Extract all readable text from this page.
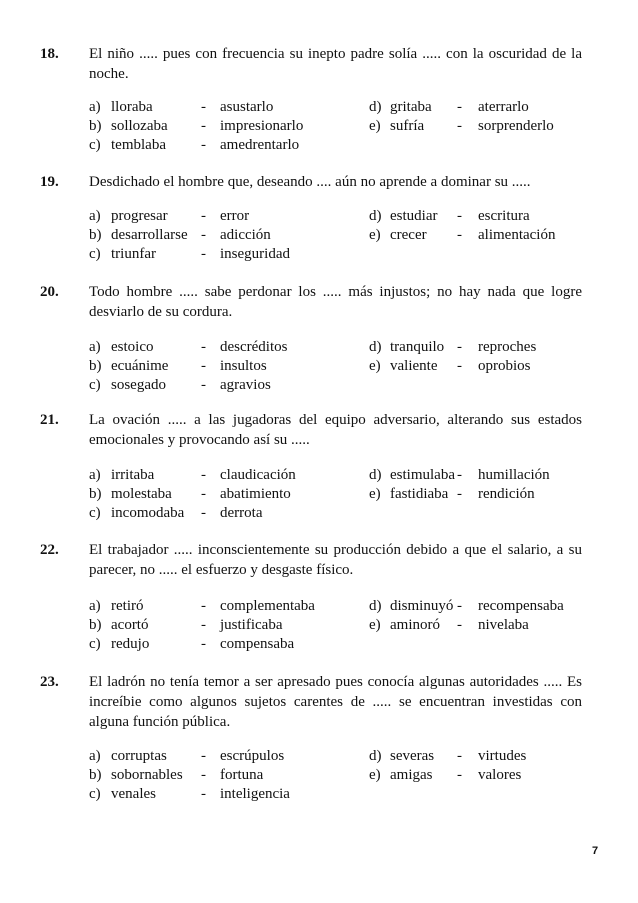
18. El niño ..... pues con frecuencia su inepto padre solía ..... con la oscuridad de la noche.
a) lloraba	- asustarlo	d) gritaba - aterrarlo
b) sollozaba - impresionarlo	e) sufría - sorprenderlo
c) temblaba - amedrentarlo
19. Desdichado el hombre que, deseando .... aún no aprende a dominar su .....
a) progresar - error	d) estudiar - escritura
b) desarrollarse - adicción	e) crecer - alimentación
c) triunfar	- inseguridad
20. Todo hombre ..... sabe perdonar los ..... más injustos; no hay nada que logre desviarlo de su cordura.
a) estoico	- descréditos	d) tranquilo - reproches
b) ecuánime - insultos	e) valiente - oprobios
c) sosegado - agravios
21. La ovación ..... a las jugadoras del equipo adversario, alterando sus estados emocionales y provocando así su .....
a) irritaba	- claudicación	d) estimulaba - humillación
b) molestaba - abatimiento	e) fastidiaba - rendición
c) incomodaba - derrota
22. El trabajador ..... inconscientemente su producción debido a que el salario, a su parecer, no ..... el esfuerzo y desgaste físico.
a) retiró	- complementaba	d) disminuyó - recompensaba
b) acortó	- justificaba	e) aminoró - nivelaba
c) redujo	- compensaba
23. El ladrón no tenía temor a ser apresado pues conocía algunas autoridades ..... Es increíbie como algunos sujetos carentes de ..... se encuentran investidas con alguna función pública.
a) corruptas - escrúpulos	d) severas - virtudes
b) sobornables - fortuna	e) amigas - valores
c) venales	- inteligencia
7
